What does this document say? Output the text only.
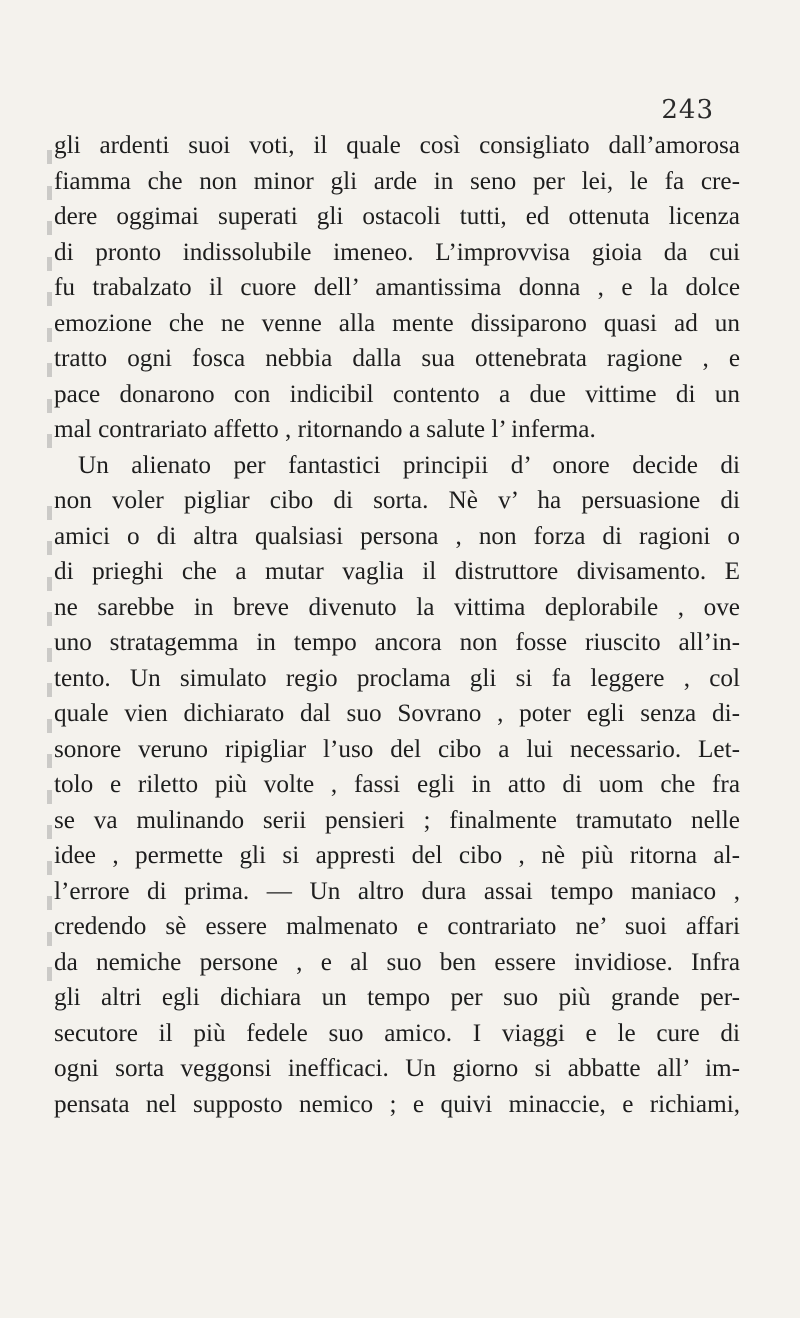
243
gli ardenti suoi voti, il quale così consigliato dall’amorosa
fiamma che non minor gli arde in seno per lei, le fa cre-
dere oggimai superati gli ostacoli tutti, ed ottenuta licenza
di pronto indissolubile imeneo. L’improvvisa gioia da cui
fu trabalzato il cuore dell’ amantissima donna , e la dolce
emozione che ne venne alla mente dissiparono quasi ad un
tratto ogni fosca nebbia dalla sua ottenebrata ragione , e
pace donarono con indicibil contento a due vittime di un
mal contrariato affetto , ritornando a salute l’ inferma.
Un alienato per fantastici principii d’ onore decide di
non voler pigliar cibo di sorta. Nè v’ ha persuasione di
amici o di altra qualsiasi persona , non forza di ragioni o
di prieghi che a mutar vaglia il distruttore divisamento. E
ne sarebbe in breve divenuto la vittima deplorabile , ove
uno stratagemma in tempo ancora non fosse riuscito all’in-
tento. Un simulato regio proclama gli si fa leggere , col
quale vien dichiarato dal suo Sovrano , poter egli senza di-
sonore veruno ripigliar l’uso del cibo a lui necessario. Let-
tolo e riletto più volte , fassi egli in atto di uom che fra
se va mulinando serii pensieri ; finalmente tramutato nelle
idee , permette gli si appresti del cibo , nè più ritorna al-
l’errore di prima. — Un altro dura assai tempo maniaco ,
credendo sè essere malmenato e contrariato ne’ suoi affari
da nemiche persone , e al suo ben essere invidiose. Infra
gli altri egli dichiara un tempo per suo più grande per-
secutore il più fedele suo amico. I viaggi e le cure di
ogni sorta veggonsi inefficaci. Un giorno si abbatte all’ im-
pensata nel supposto nemico ; e quivi minaccie, e richiami,
